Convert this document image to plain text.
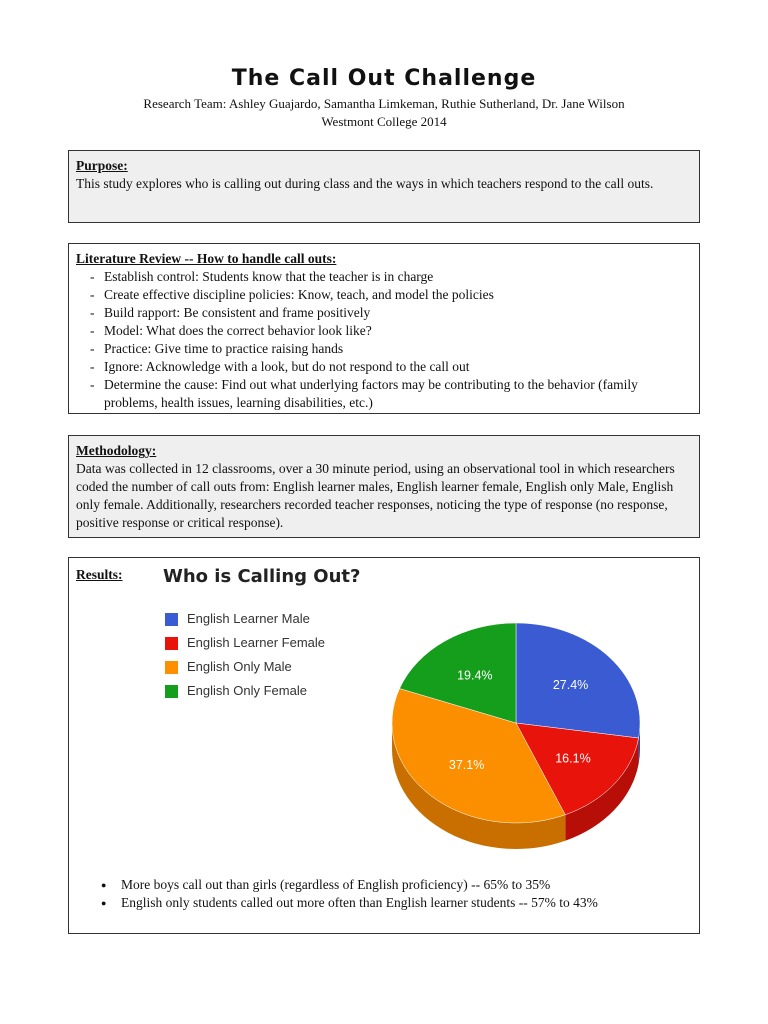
The Call Out Challenge
Research Team: Ashley Guajardo, Samantha Limkeman, Ruthie Sutherland, Dr. Jane Wilson
Westmont College 2014
Purpose:
This study explores who is calling out during class and the ways in which teachers respond to the call outs.
Literature Review -- How to handle call outs:
- Establish control: Students know that the teacher is in charge
- Create effective discipline policies: Know, teach, and model the policies
- Build rapport: Be consistent and frame positively
- Model: What does the correct behavior look like?
- Practice: Give time to practice raising hands
- Ignore: Acknowledge with a look, but do not respond to the call out
- Determine the cause: Find out what underlying factors may be contributing to the behavior (family problems, health issues, learning disabilities, etc.)
Methodology:
Data was collected in 12 classrooms, over a 30 minute period, using an observational tool in which researchers coded the number of call outs from: English learner males, English learner female, English only Male, English only female. Additionally, researchers recorded teacher responses, noticing the type of response (no response, positive response or critical response).
Results: Who is Calling Out?
English Learner Male
English Learner Female
English Only Male
English Only Female	27.4%
16.1%
37.1%
19.4%
● More boys call out than girls (regardless of English proficiency) -- 65% to 35%
● English only students called out more often than English learner students -- 57% to 43%
